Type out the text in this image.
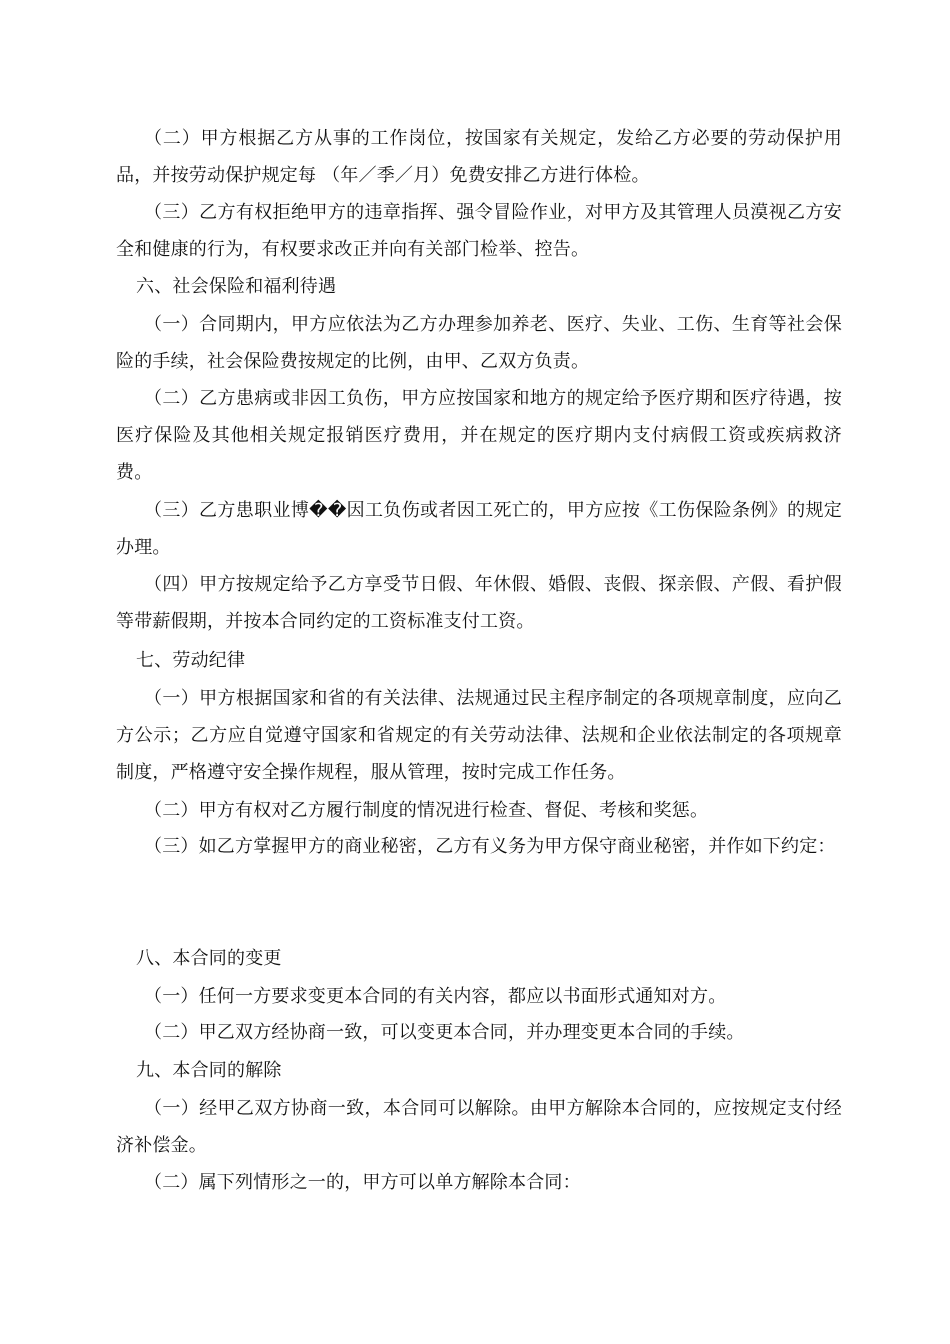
（二）甲方根据乙方从事的工作岗位，按国家有关规定，发给乙方必要的劳动保护用品，并按劳动保护规定每 （年／季／月）免费安排乙方进行体检。

（三）乙方有权拒绝甲方的违章指挥、强令冒险作业，对甲方及其管理人员漠视乙方安全和健康的行为，有权要求改正并向有关部门检举、控告。

六、社会保险和福利待遇

（一）合同期内，甲方应依法为乙方办理参加养老、医疗、失业、工伤、生育等社会保险的手续，社会保险费按规定的比例，由甲、乙双方负责。

（二）乙方患病或非因工负伤，甲方应按国家和地方的规定给予医疗期和医疗待遇，按医疗保险及其他相关规定报销医疗费用，并在规定的医疗期内支付病假工资或疾病救济费。

（三）乙方患职业博��因工负伤或者因工死亡的，甲方应按《工伤保险条例》的规定办理。

（四）甲方按规定给予乙方享受节日假、年休假、婚假、丧假、探亲假、产假、看护假等带薪假期，并按本合同约定的工资标准支付工资。

七、劳动纪律

（一）甲方根据国家和省的有关法律、法规通过民主程序制定的各项规章制度，应向乙方公示；乙方应自觉遵守国家和省规定的有关劳动法律、法规和企业依法制定的各项规章制度，严格遵守安全操作规程，服从管理，按时完成工作任务。

（二）甲方有权对乙方履行制度的情况进行检查、督促、考核和奖惩。

（三）如乙方掌握甲方的商业秘密，乙方有义务为甲方保守商业秘密，并作如下约定：

八、本合同的变更

（一）任何一方要求变更本合同的有关内容，都应以书面形式通知对方。

（二）甲乙双方经协商一致，可以变更本合同，并办理变更本合同的手续。

九、本合同的解除

（一）经甲乙双方协商一致，本合同可以解除。由甲方解除本合同的，应按规定支付经济补偿金。

（二）属下列情形之一的，甲方可以单方解除本合同：
